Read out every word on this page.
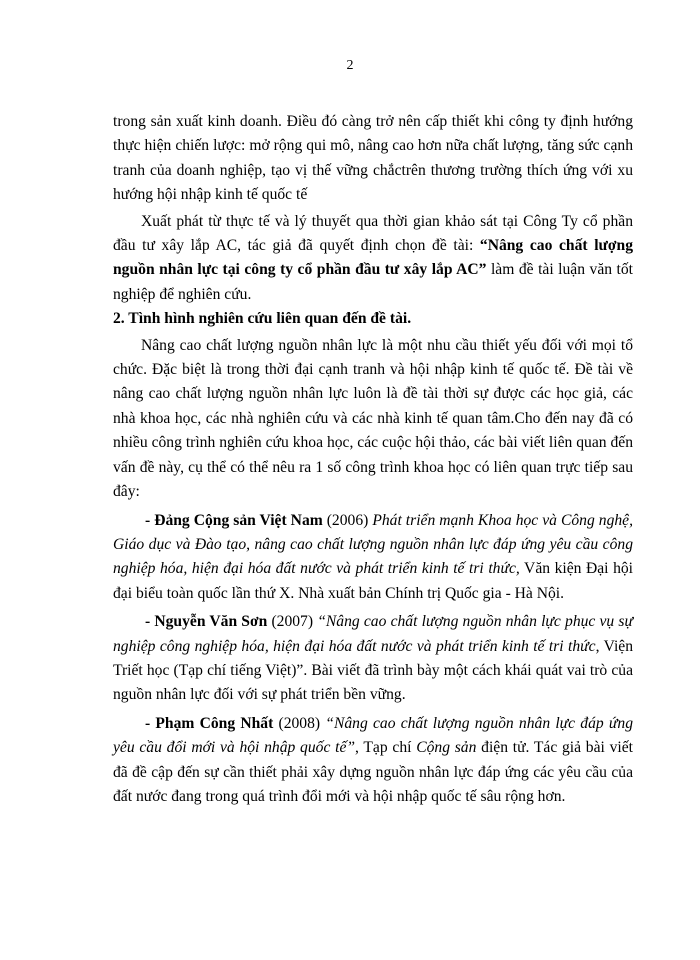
2

trong sản xuất kinh doanh. Điều đó càng trở nên cấp thiết khi công ty định hướng thực hiện chiến lược: mở rộng qui mô, nâng cao hơn nữa chất lượng, tăng sức cạnh tranh của doanh nghiệp, tạo vị thế vững chắctrên thương trường thích ứng với xu hướng hội nhập kinh tế quốc tế

Xuất phát từ thực tế và lý thuyết qua thời gian khảo sát tại Công Ty cổ phần đầu tư xây lắp AC, tác giả đã quyết định chọn đề tài: “Nâng cao chất lượng nguồn nhân lực tại công ty cổ phần đầu tư xây lắp AC” làm đề tài luận văn tốt nghiệp để nghiên cứu.

2. Tình hình nghiên cứu liên quan đến đề tài.

Nâng cao chất lượng nguồn nhân lực là một nhu cầu thiết yếu đối với mọi tổ chức. Đặc biệt là trong thời đại cạnh tranh và hội nhập kinh tế quốc tế. Đề tài về nâng cao chất lượng nguồn nhân lực luôn là đề tài thời sự được các học giả, các nhà khoa học, các nhà nghiên cứu và các nhà kinh tế quan tâm.Cho đến nay đã có nhiều công trình nghiên cứu khoa học, các cuộc hội thảo, các bài viết liên quan đến vấn đề này, cụ thể có thể nêu ra 1 số công trình khoa học có liên quan trực tiếp sau đây:

- Đảng Cộng sản Việt Nam (2006) Phát triển mạnh Khoa học và Công nghệ, Giáo dục và Đào tạo, nâng cao chất lượng nguồn nhân lực đáp ứng yêu cầu công nghiệp hóa, hiện đại hóa đất nước và phát triển kinh tế tri thức, Văn kiện Đại hội đại biểu toàn quốc lần thứ X. Nhà xuất bản Chính trị Quốc gia - Hà Nội.

- Nguyễn Văn Sơn (2007) “Nâng cao chất lượng nguồn nhân lực phục vụ sự nghiệp công nghiệp hóa, hiện đại hóa đất nước và phát triển kinh tế tri thức, Viện Triết học (Tạp chí tiếng Việt)”. Bài viết đã trình bày một cách khái quát vai trò của nguồn nhân lực đối với sự phát triển bền vững.

- Phạm Công Nhất (2008) “Nâng cao chất lượng nguồn nhân lực đáp ứng yêu cầu đổi mới và hội nhập quốc tế”, Tạp chí Cộng sản điện tử. Tác giả bài viết đã đề cập đến sự cần thiết phải xây dựng nguồn nhân lực đáp ứng các yêu cầu của đất nước đang trong quá trình đổi mới và hội nhập quốc tế sâu rộng hơn.
